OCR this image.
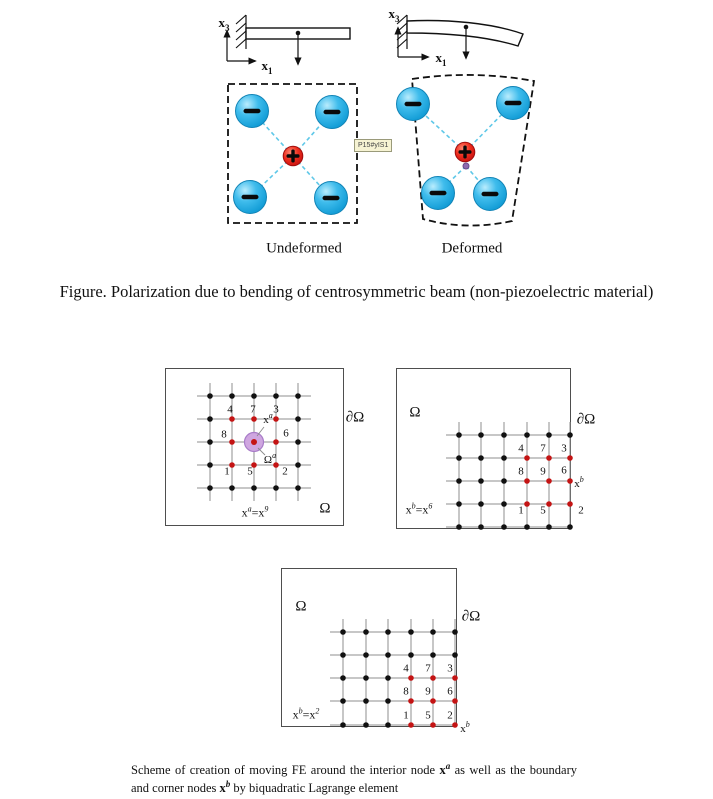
$x_3$
$x_1$
$x_3$
$x_1$
P15#yIS1
Undeformed	Deformed
Figure. Polarization due to bending of centrosymmetric beam (non-piezoelectric material)
4 7 3
8	6
1 5	2
$x^a$
$\Omega^a$
$x^a=x^9$	Ω
∂Ω
4 7 3
8 9 6
1 5	2
$x^b$
$x^b=x^6$
Ω	∂Ω
4 7 3
8 9 6
1 5 2
$x^b$
$x^b=x^2$
Ω
∂Ω

Scheme of creation of moving FE around the interior node $x^a$ as well as the boundary and corner nodes $x^b$ by biquadratic Lagrange element
